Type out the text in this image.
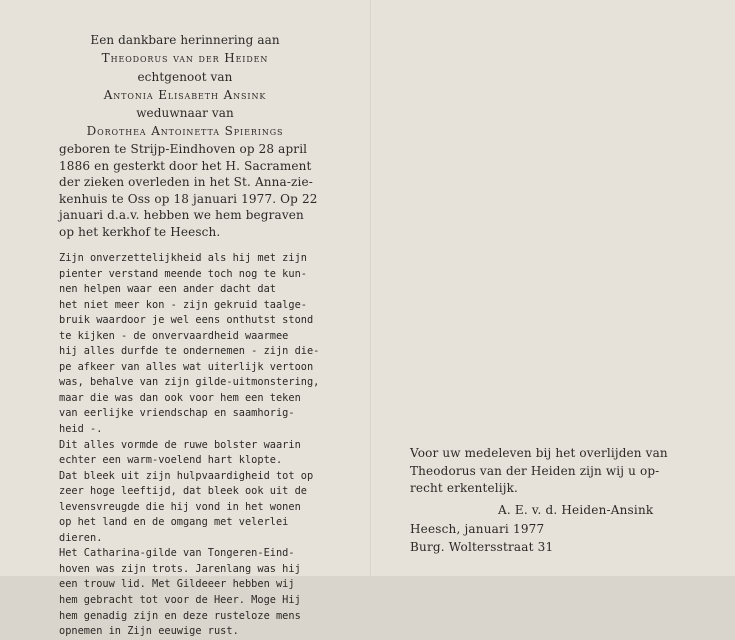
Een dankbare herinnering aan
Theodorus van der Heiden
echtgenoot van
Antonia Elisabeth Ansink
weduwnaar van
Dorothea Antoinetta Spierings
geboren te Strijp-Eindhoven op 28 april
1886 en gesterkt door het H. Sacrament
der zieken overleden in het St. Anna-zie-
kenhuis te Oss op 18 januari 1977. Op 22
januari d.a.v. hebben we hem begraven
op het kerkhof te Heesch.
Zijn onverzettelijkheid als hij met zijn
pienter verstand meende toch nog te kun-
nen helpen waar een ander dacht dat
het niet meer kon - zijn gekruid taalge-
bruik waardoor je wel eens onthutst stond
te kijken - de onvervaardheid waarmee
hij alles durfde te ondernemen - zijn die-
pe afkeer van alles wat uiterlijk vertoon
was, behalve van zijn gilde-uitmonstering,
maar die was dan ook voor hem een teken
van eerlijke vriendschap en saamhorig-
heid -.
Dit alles vormde de ruwe bolster waarin
echter een warm-voelend hart klopte.
Dat bleek uit zijn hulpvaardigheid tot op
zeer hoge leeftijd, dat bleek ook uit de
levensvreugde die hij vond in het wonen
op het land en de omgang met velerlei
dieren.
Het Catharina-gilde van Tongeren-Eind-
hoven was zijn trots. Jarenlang was hij
een trouw lid. Met Gildeeer hebben wij
hem gebracht tot voor de Heer. Moge Hij
hem genadig zijn en deze rusteloze mens
opnemen in Zijn eeuwige rust.
Voor uw medeleven bij het overlijden van
Theodorus van der Heiden zijn wij u op-
recht erkentelijk.
A. E. v. d. Heiden-Ansink
Heesch, januari 1977
Burg. Woltersstraat 31
